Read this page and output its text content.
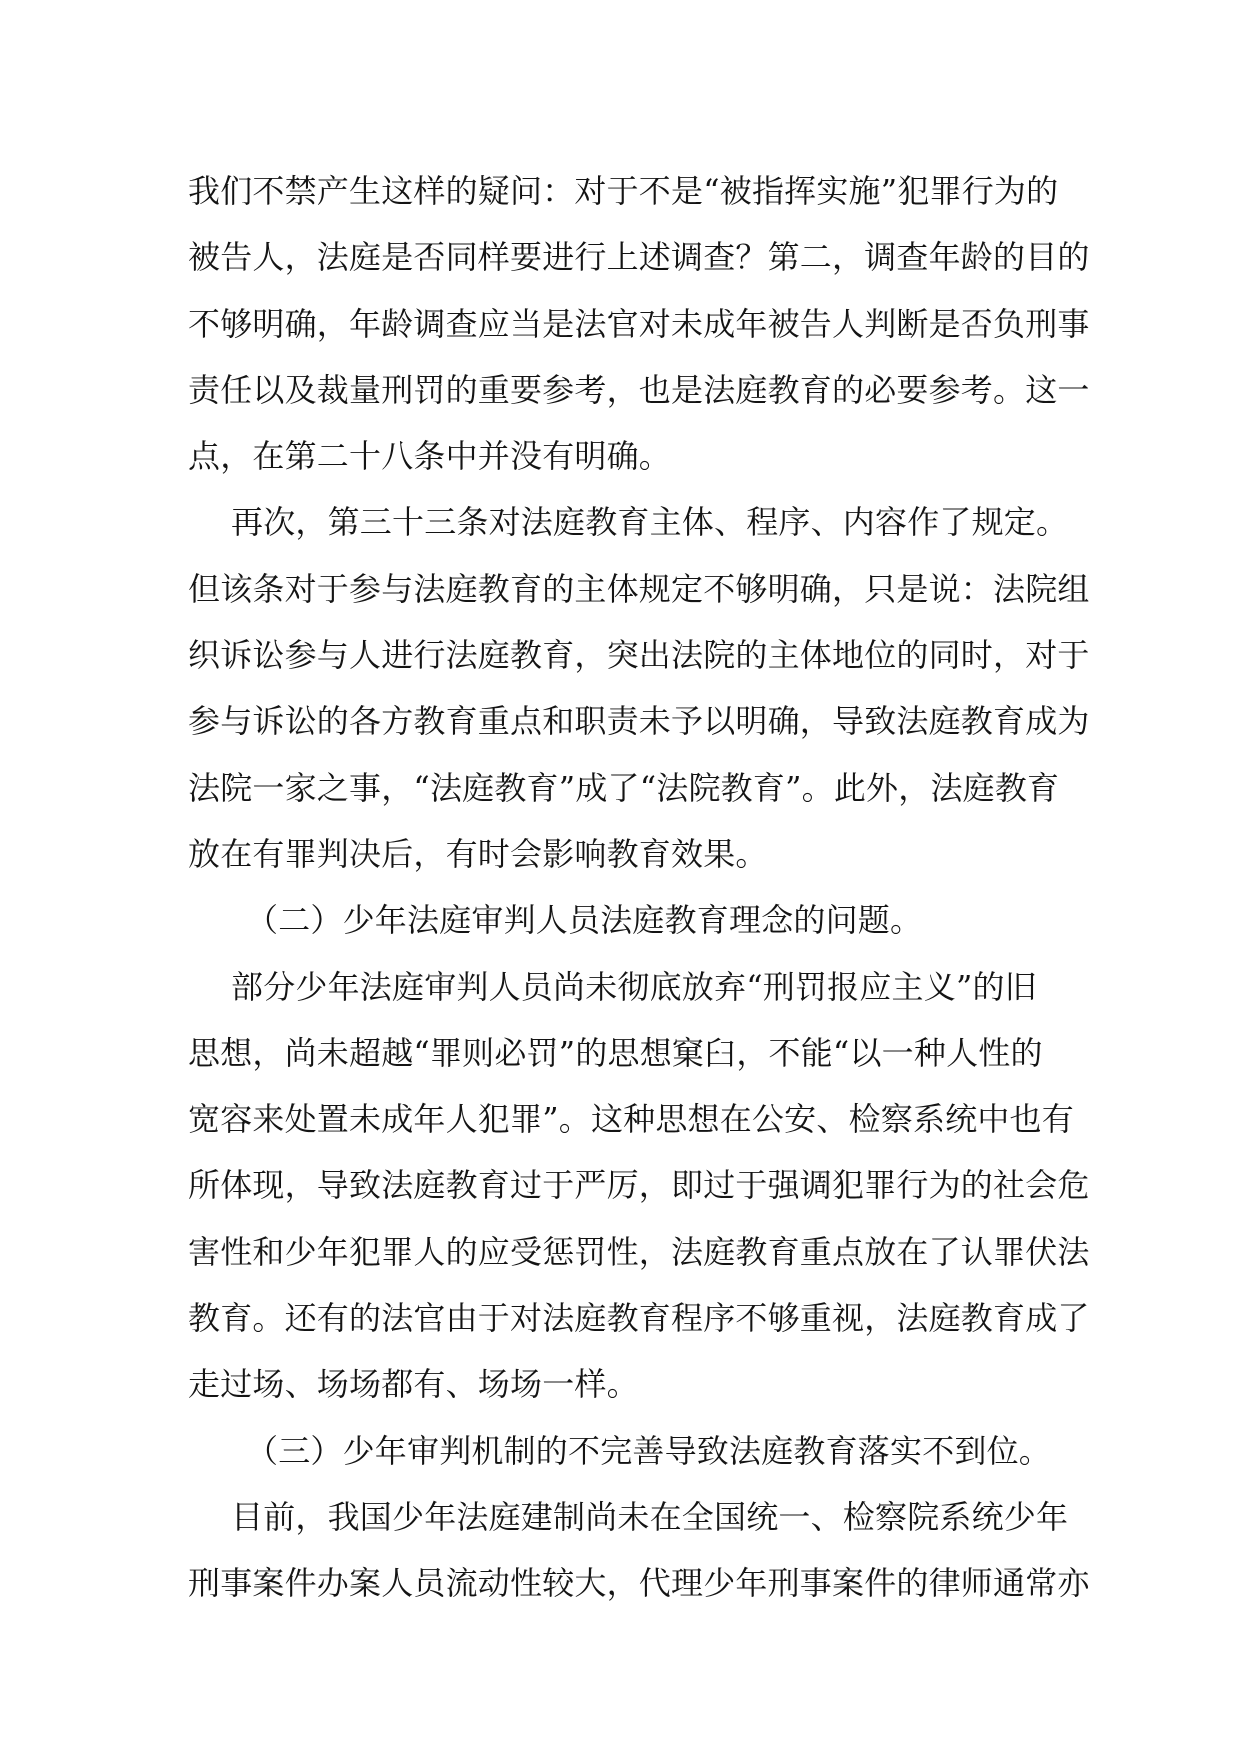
我们不禁产生这样的疑问：对于不是“被指挥实施”犯罪行为的
被告人，法庭是否同样要进行上述调查？第二，调查年龄的目的
不够明确，年龄调查应当是法官对未成年被告人判断是否负刑事
责任以及裁量刑罚的重要参考，也是法庭教育的必要参考。这一
点，在第二十八条中并没有明确。
再次，第三十三条对法庭教育主体、程序、内容作了规定。
但该条对于参与法庭教育的主体规定不够明确，只是说：法院组
织诉讼参与人进行法庭教育，突出法院的主体地位的同时，对于
参与诉讼的各方教育重点和职责未予以明确，导致法庭教育成为
法院一家之事，“法庭教育”成了“法院教育”。此外，法庭教育
放在有罪判决后，有时会影响教育效果。
（二）少年法庭审判人员法庭教育理念的问题。
部分少年法庭审判人员尚未彻底放弃“刑罚报应主义”的旧
思想，尚未超越“罪则必罚”的思想窠臼，不能“以一种人性的
宽容来处置未成年人犯罪”。这种思想在公安、检察系统中也有
所体现，导致法庭教育过于严厉，即过于强调犯罪行为的社会危
害性和少年犯罪人的应受惩罚性，法庭教育重点放在了认罪伏法
教育。还有的法官由于对法庭教育程序不够重视，法庭教育成了
走过场、场场都有、场场一样。
（三）少年审判机制的不完善导致法庭教育落实不到位。
目前，我国少年法庭建制尚未在全国统一、检察院系统少年
刑事案件办案人员流动性较大，代理少年刑事案件的律师通常亦
